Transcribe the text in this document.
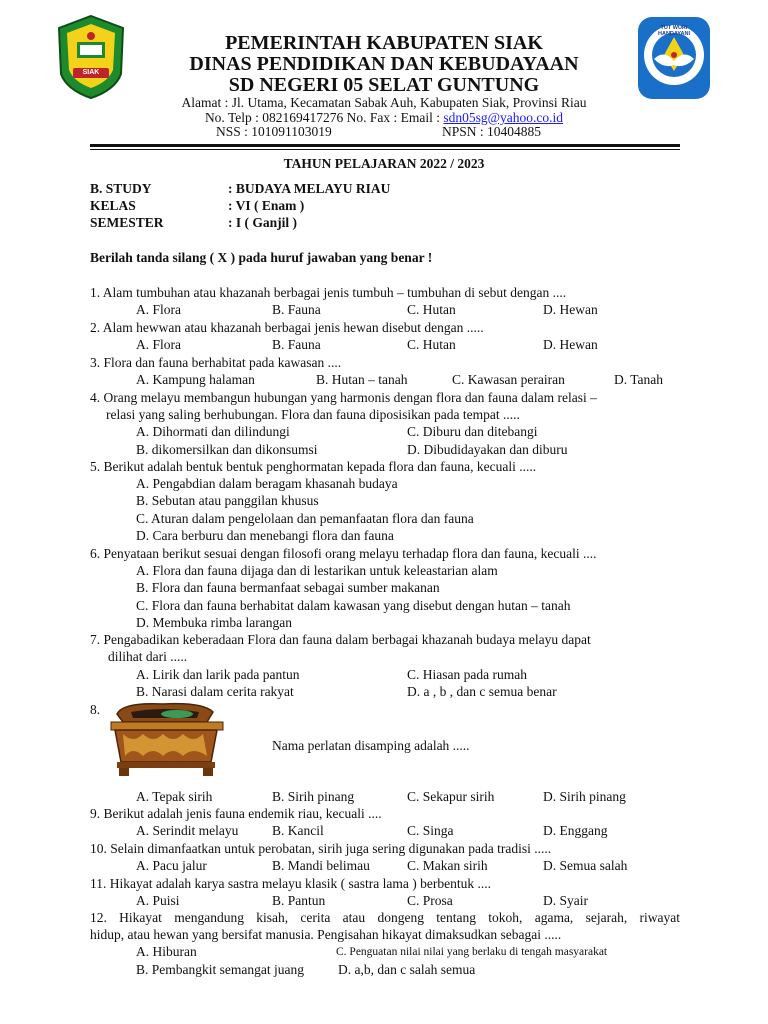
SIAK
TUT WURI HANDAYANI
PEMERINTAH KABUPATEN SIAK
DINAS PENDIDIKAN DAN KEBUDAYAAN
SD NEGERI 05 SELAT GUNTUNG
Alamat : Jl. Utama, Kecamatan Sabak Auh, Kabupaten Siak, Provinsi Riau
No. Telp : 082169417276 No. Fax : Email : sdn05sg@yahoo.co.id
NSS : 101091103019	NPSN : 10404885
TAHUN PELAJARAN 2022 / 2023
B. STUDY	: BUDAYA MELAYU RIAU
KELAS	: VI ( Enam )
SEMESTER	: I ( Ganjil )
Berilah tanda silang ( X ) pada huruf jawaban yang benar !
1. Alam tumbuhan atau khazanah berbagai jenis tumbuh – tumbuhan di sebut dengan ....
A. Flora	B. Fauna	C. Hutan	D. Hewan
2. Alam hewwan atau khazanah berbagai jenis hewan disebut dengan .....
A. Flora	B. Fauna	C. Hutan	D. Hewan
3. Flora dan fauna berhabitat pada kawasan ....
A. Kampung halaman	B. Hutan – tanah	C. Kawasan perairan	D. Tanah
4. Orang melayu membangun hubungan yang harmonis dengan flora dan fauna dalam relasi –
relasi yang saling berhubungan. Flora dan fauna diposisikan pada tempat .....
A. Dihormati dan dilindungi	C. Diburu dan ditebangi
B. dikomersilkan dan dikonsumsi	D. Dibudidayakan dan diburu
5. Berikut adalah bentuk bentuk penghormatan kepada flora dan fauna, kecuali .....
A. Pengabdian dalam beragam khasanah budaya
B. Sebutan atau panggilan khusus
C. Aturan dalam pengelolaan dan pemanfaatan flora dan fauna
D. Cara berburu dan menebangi flora dan fauna
6. Penyataan berikut sesuai dengan filosofi orang melayu terhadap flora dan fauna, kecuali ....
A. Flora dan fauna dijaga dan di lestarikan untuk keleastarian alam
B. Flora dan fauna bermanfaat sebagai sumber makanan
C. Flora dan fauna berhabitat dalam kawasan yang disebut dengan hutan – tanah
D. Membuka rimba larangan
7. Pengabadikan keberadaan Flora dan fauna dalam berbagai khazanah budaya melayu dapat
dilihat dari .....
A. Lirik dan larik pada pantun	C. Hiasan pada rumah
B. Narasi dalam cerita rakyat	D. a , b , dan c semua benar
8.
Nama perlatan disamping adalah .....
A. Tepak sirih	B. Sirih pinang	C. Sekapur sirih	D. Sirih pinang
9. Berikut adalah jenis fauna endemik riau, kecuali ....
A. Serindit melayu B. Kancil	C. Singa	D. Enggang
10. Selain dimanfaatkan untuk perobatan, sirih juga sering digunakan pada tradisi .....
A. Pacu jalur	B. Mandi belimau	C. Makan sirih	D. Semua salah
11. Hikayat adalah karya sastra melayu klasik ( sastra lama ) berbentuk ....
A. Puisi	B. Pantun	C. Prosa	D. Syair
12. Hikayat mengandung kisah, cerita atau dongeng tentang tokoh, agama, sejarah, riwayat
hidup, atau hewan yang bersifat manusia. Pengisahan hikayat dimaksudkan sebagai .....
A. Hiburan	C. Penguatan nilai nilai yang berlaku di tengah masyarakat
B. Pembangkit semangat juang	D. a,b, dan c salah semua
